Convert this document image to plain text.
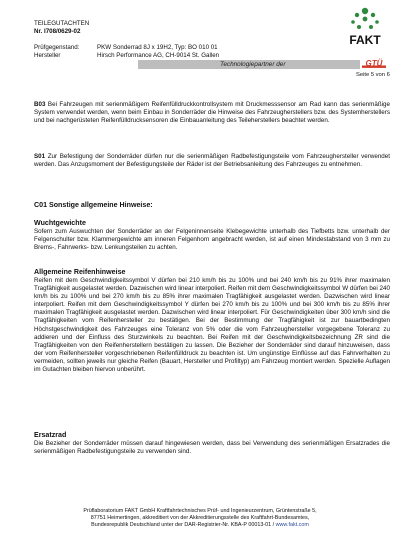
TEILEGUTACHTEN
Nr. I708/0629-02
Prüfgegenstand:	PKW Sonderrad 8J x 19H2, Typ: BO 010 01
Hersteller	Hirsch Performance AG, CH-9014 St. Gallen
FAKT
Technologiepartner der	GTÜ
Seite 5 von 6
B03 Bei Fahrzeugen mit serienmäßigem Reifenfülldruckkontrollsystem mit Druckmesssensor am Rad kann das serienmäßige System verwendet werden, wenn beim Einbau in Sonderräder die Hinweise des Fahrzeugherstellers bzw. des Systemherstellers und bei nachgerüsteten Reifenfülldrucksensoren die Einbauanleitung des Teileherstellers beachtet werden.
S01 Zur Befestigung der Sonderräder dürfen nur die serienmäßigen Radbefestigungsteile vom Fahrzeughersteller verwendet werden. Das Anzugsmoment der Befestigungsteile der Räder ist der Betriebsanleitung des Fahrzeuges zu entnehmen.
C01 Sonstige allgemeine Hinweise:
Wuchtgewichte
Sofern zum Auswuchten der Sonderräder an der Felgeninnenseite Klebegewichte unterhalb des Tiefbetts bzw. unterhalb der Felgenschulter bzw. Klammergewichte am inneren Felgenhorn angebracht werden, ist auf einen Mindestabstand von 3 mm zu Brems-, Fahrwerks- bzw. Lenkungsteilen zu achten.
Allgemeine Reifenhinweise
Reifen mit dem Geschwindigkeitssymbol V dürfen bei 210 km/h bis zu 100% und bei 240 km/h bis zu 91% ihrer maximalen Tragfähigkeit ausgelastet werden. Dazwischen wird linear interpoliert. Reifen mit dem Geschwindigkeitssymbol W dürfen bei 240 km/h bis zu 100% und bei 270 km/h bis zu 85% ihrer maximalen Tragfähigkeit ausgelastet werden. Dazwischen wird linear interpoliert. Reifen mit dem Geschwindigkeitssymbol Y dürfen bei 270 km/h bis zu 100% und bei 300 km/h bis zu 85% ihrer maximalen Tragfähigkeit ausgelastet werden. Dazwischen wird linear interpoliert. Für Geschwindigkeiten über 300 km/h sind die Tragfähigkeiten vom Reifenhersteller zu bestätigen. Bei der Bestimmung der Tragfähigkeit ist zur bauartbedingten Höchstgeschwindigkeit des Fahrzeuges eine Toleranz von 5% oder die vom Fahrzeughersteller vorgegebene Toleranz zu addieren und der Einfluss des Sturzwinkels zu beachten. Bei Reifen mit der Geschwindigkeitsbezeichnung ZR sind die Tragfähigkeiten von den Reifenherstellern bestätigen zu lassen. Die Bezieher der Sonderräder sind darauf hinzuweisen, dass der vom Reifenhersteller vorgeschriebenen Reifenfülldruck zu beachten ist. Um ungünstige Einflüsse auf das Fahrverhalten zu vermeiden, sollten jeweils nur gleiche Reifen (Bauart, Hersteller und Profiltyp) am Fahrzeug montiert werden. Spezielle Auflagen im Gutachten bleiben hiervon unberührt.
Ersatzrad
Die Bezieher der Sonderräder müssen darauf hingewiesen werden, dass bei Verwendung des serienmäßigen Ersatzrades die serienmäßigen Radbefestigungsteile zu verwenden sind.
Prüflaboratorium FAKT GmbH Kraftfahrtechnisches Prüf- und Ingenieurzentrum, Grüntenstraße 5,
87751 Heimertingen, akkreditiert von der Akkreditierungsstelle des Kraftfahrt-Bundesamtes,
Bundesrepublik Deutschland unter der DAR-Registrier-Nr. KBA-P 00013-01 / www.fakt.com
